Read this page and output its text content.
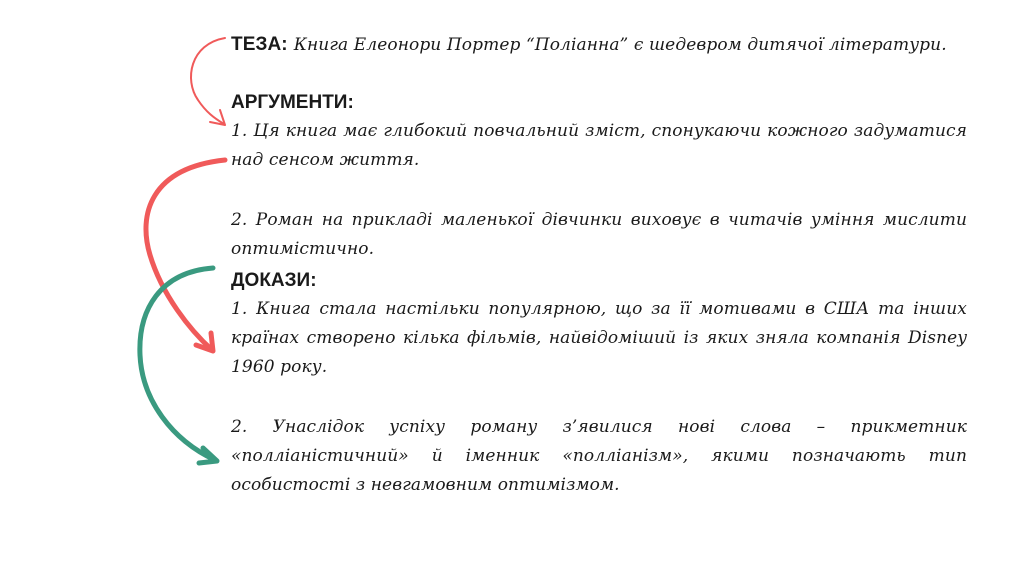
ТЕЗА: Книга Елеонори Портер “Поліанна” є шедевром дитячої літератури.

АРГУМЕНТИ:

1. Ця книга має глибокий повчальний зміст, спонукаючи кожного задуматися над сенсом життя.

2. Роман на прикладі маленької дівчинки виховує в читачів уміння мислити оптимістично.

ДОКАЗИ:

1. Книга стала настільки популярною, що за її мотивами в США та інших країнах створено кілька фільмів, найвідоміший із яких зняла компанія Disney 1960 року.

2. Унаслідок успіху роману з’явилися нові слова – прикметник «полліаністичний» й іменник «полліанізм», якими позначають тип особистості з невгамовним оптимізмом.
